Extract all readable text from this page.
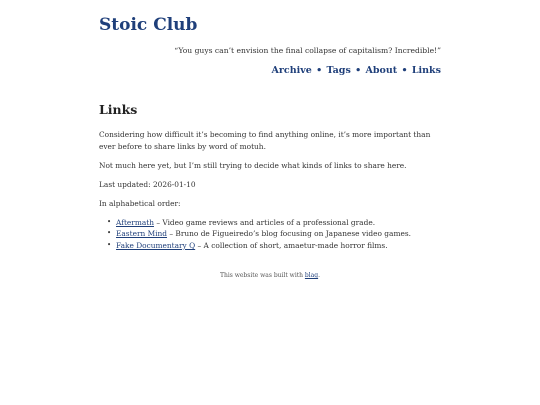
Stoic Club
“You guys can’t envision the final collapse of capitalism? Incredible!”
Archive • Tags • About • Links
Links

Considering how difficult it’s becoming to find anything online, it’s more important than ever before to share links by word of motuh.

Not much here yet, but I’m still trying to decide what kinds of links to share here.

Last updated: 2026-01-10

In alphabetical order:

• Aftermath – Video game reviews and articles of a professional grade.
• Eastern Mind – Bruno de Figueiredo’s blog focusing on Japanese video games.
• Fake Documentary Q – A collection of short, amaetur-made horror films.
This website was built with blag.
